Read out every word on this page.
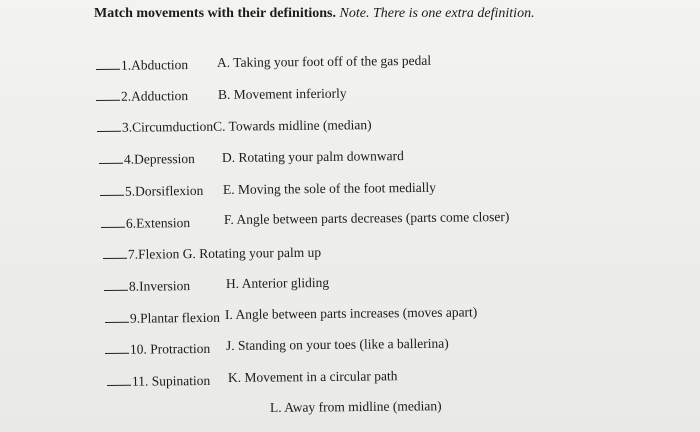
Match movements with their definitions. Note. There is one extra definition.
1.Abduction A. Taking your foot off of the gas pedal
2.Adduction B. Movement inferiorly
3.CircumductionC. Towards midline (median)
4.Depression D. Rotating your palm downward
5.Dorsiflexion E. Moving the sole of the foot medially
6.Extension F. Angle between parts decreases (parts come closer)
7.Flexion G. Rotating your palm up
8.Inversion	H. Anterior gliding
9.Plantar flexion I. Angle between parts increases (moves apart)
10. Protraction J. Standing on your toes (like a ballerina)
11. Supination K. Movement in a circular path
L. Away from midline (median)
